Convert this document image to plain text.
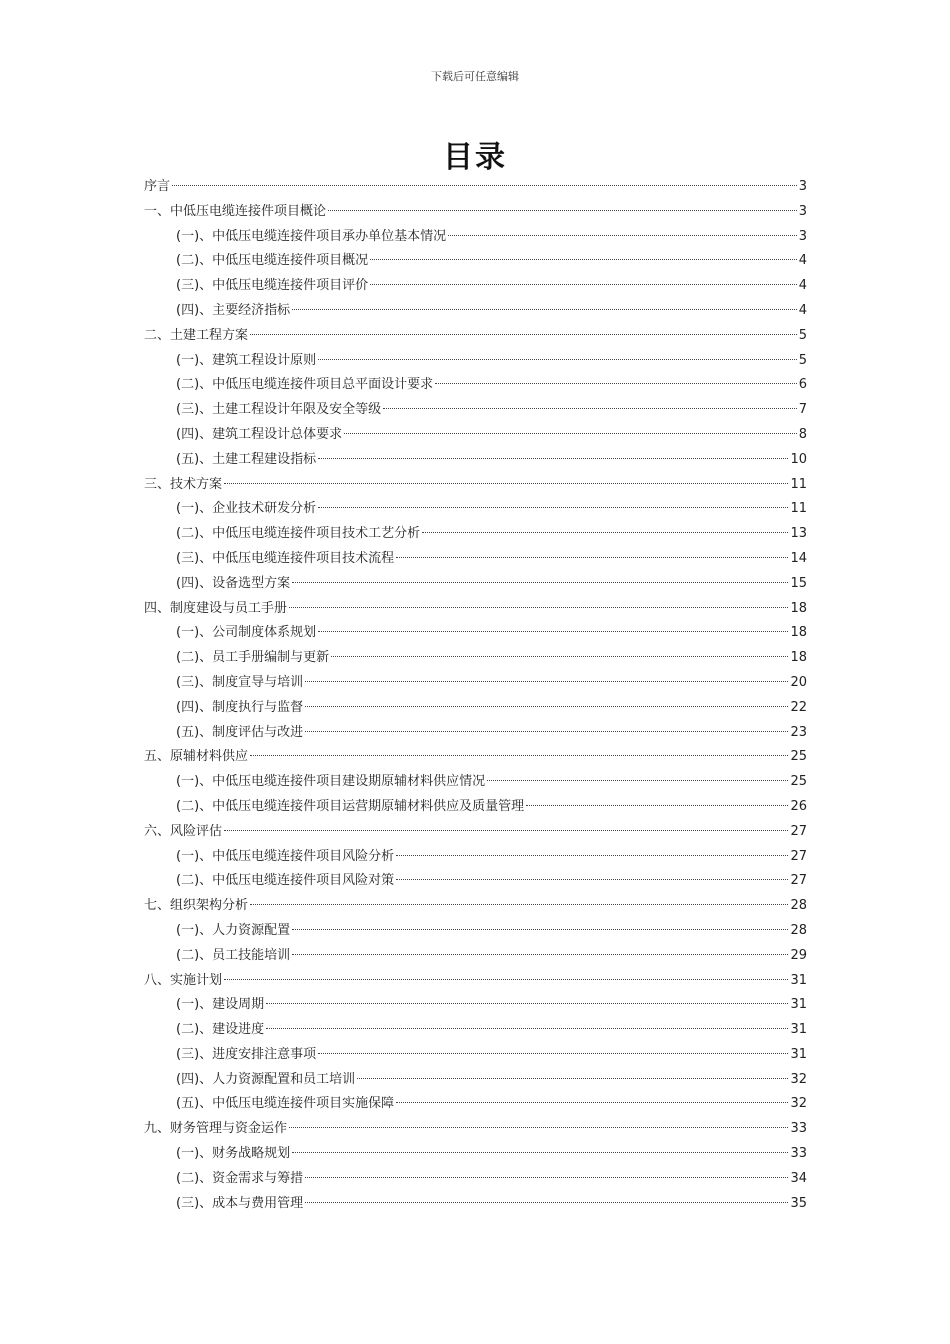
下载后可任意编辑
目录
序言	3
一、中低压电缆连接件项目概论	3
(一)、中低压电缆连接件项目承办单位基本情况	3
(二)、中低压电缆连接件项目概况	4
(三)、中低压电缆连接件项目评价	4
(四)、主要经济指标	4
二、土建工程方案	5
(一)、建筑工程设计原则	5
(二)、中低压电缆连接件项目总平面设计要求	6
(三)、土建工程设计年限及安全等级	7
(四)、建筑工程设计总体要求	8
(五)、土建工程建设指标	10
三、技术方案	11
(一)、企业技术研发分析	11
(二)、中低压电缆连接件项目技术工艺分析	13
(三)、中低压电缆连接件项目技术流程	14
(四)、设备选型方案	15
四、制度建设与员工手册	18
(一)、公司制度体系规划	18
(二)、员工手册编制与更新	18
(三)、制度宣导与培训	20
(四)、制度执行与监督	22
(五)、制度评估与改进	23
五、原辅材料供应	25
(一)、中低压电缆连接件项目建设期原辅材料供应情况	25
(二)、中低压电缆连接件项目运营期原辅材料供应及质量管理	26
六、风险评估	27
(一)、中低压电缆连接件项目风险分析	27
(二)、中低压电缆连接件项目风险对策	27
七、组织架构分析	28
(一)、人力资源配置	28
(二)、员工技能培训	29
八、实施计划	31
(一)、建设周期	31
(二)、建设进度	31
(三)、进度安排注意事项	31
(四)、人力资源配置和员工培训	32
(五)、中低压电缆连接件项目实施保障	32
九、财务管理与资金运作	33
(一)、财务战略规划	33
(二)、资金需求与筹措	34
(三)、成本与费用管理	35
